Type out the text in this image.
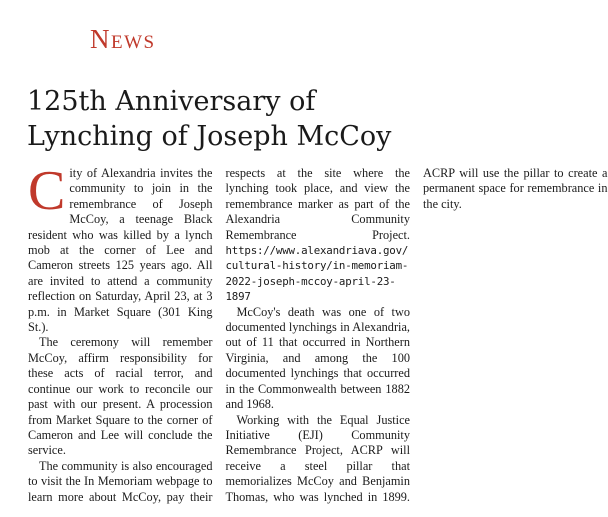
News
125th Anniversary of Lynching of Joseph McCoy

City of Alexandria invites the community to join in the remembrance of Joseph McCoy, a teenage Black resident who was killed by a lynch mob at the corner of Lee and Cameron streets 125 years ago. All are invited to attend a community reflection on Saturday, April 23, at 3 p.m. in Market Square (301 King St.).

The ceremony will remember McCoy, affirm responsibility for these acts of racial terror, and continue our work to reconcile our past with our present. A procession from Market Square to the corner of Cameron and Lee will conclude the service.

The community is also encouraged to visit the In Memoriam webpage to learn more about McCoy, pay their respects at the site where the lynching took place, and view the remembrance marker as part of the Alexandria Community Remembrance Project. https://www.alexandriava.gov/cultural-history/in-memoriam-2022-joseph-mccoy-april-23-1897

McCoy's death was one of two documented lynchings in Alexandria, out of 11 that occurred in Northern Virginia, and among the 100 documented lynchings that occurred in the Commonwealth between 1882 and 1968.

Working with the Equal Justice Initiative (EJI) Community Remembrance Project, ACRP will receive a steel pillar that memorializes McCoy and Benjamin Thomas, who was lynched in 1899. ACRP will use the pillar to create a permanent space for remembrance in the city.
